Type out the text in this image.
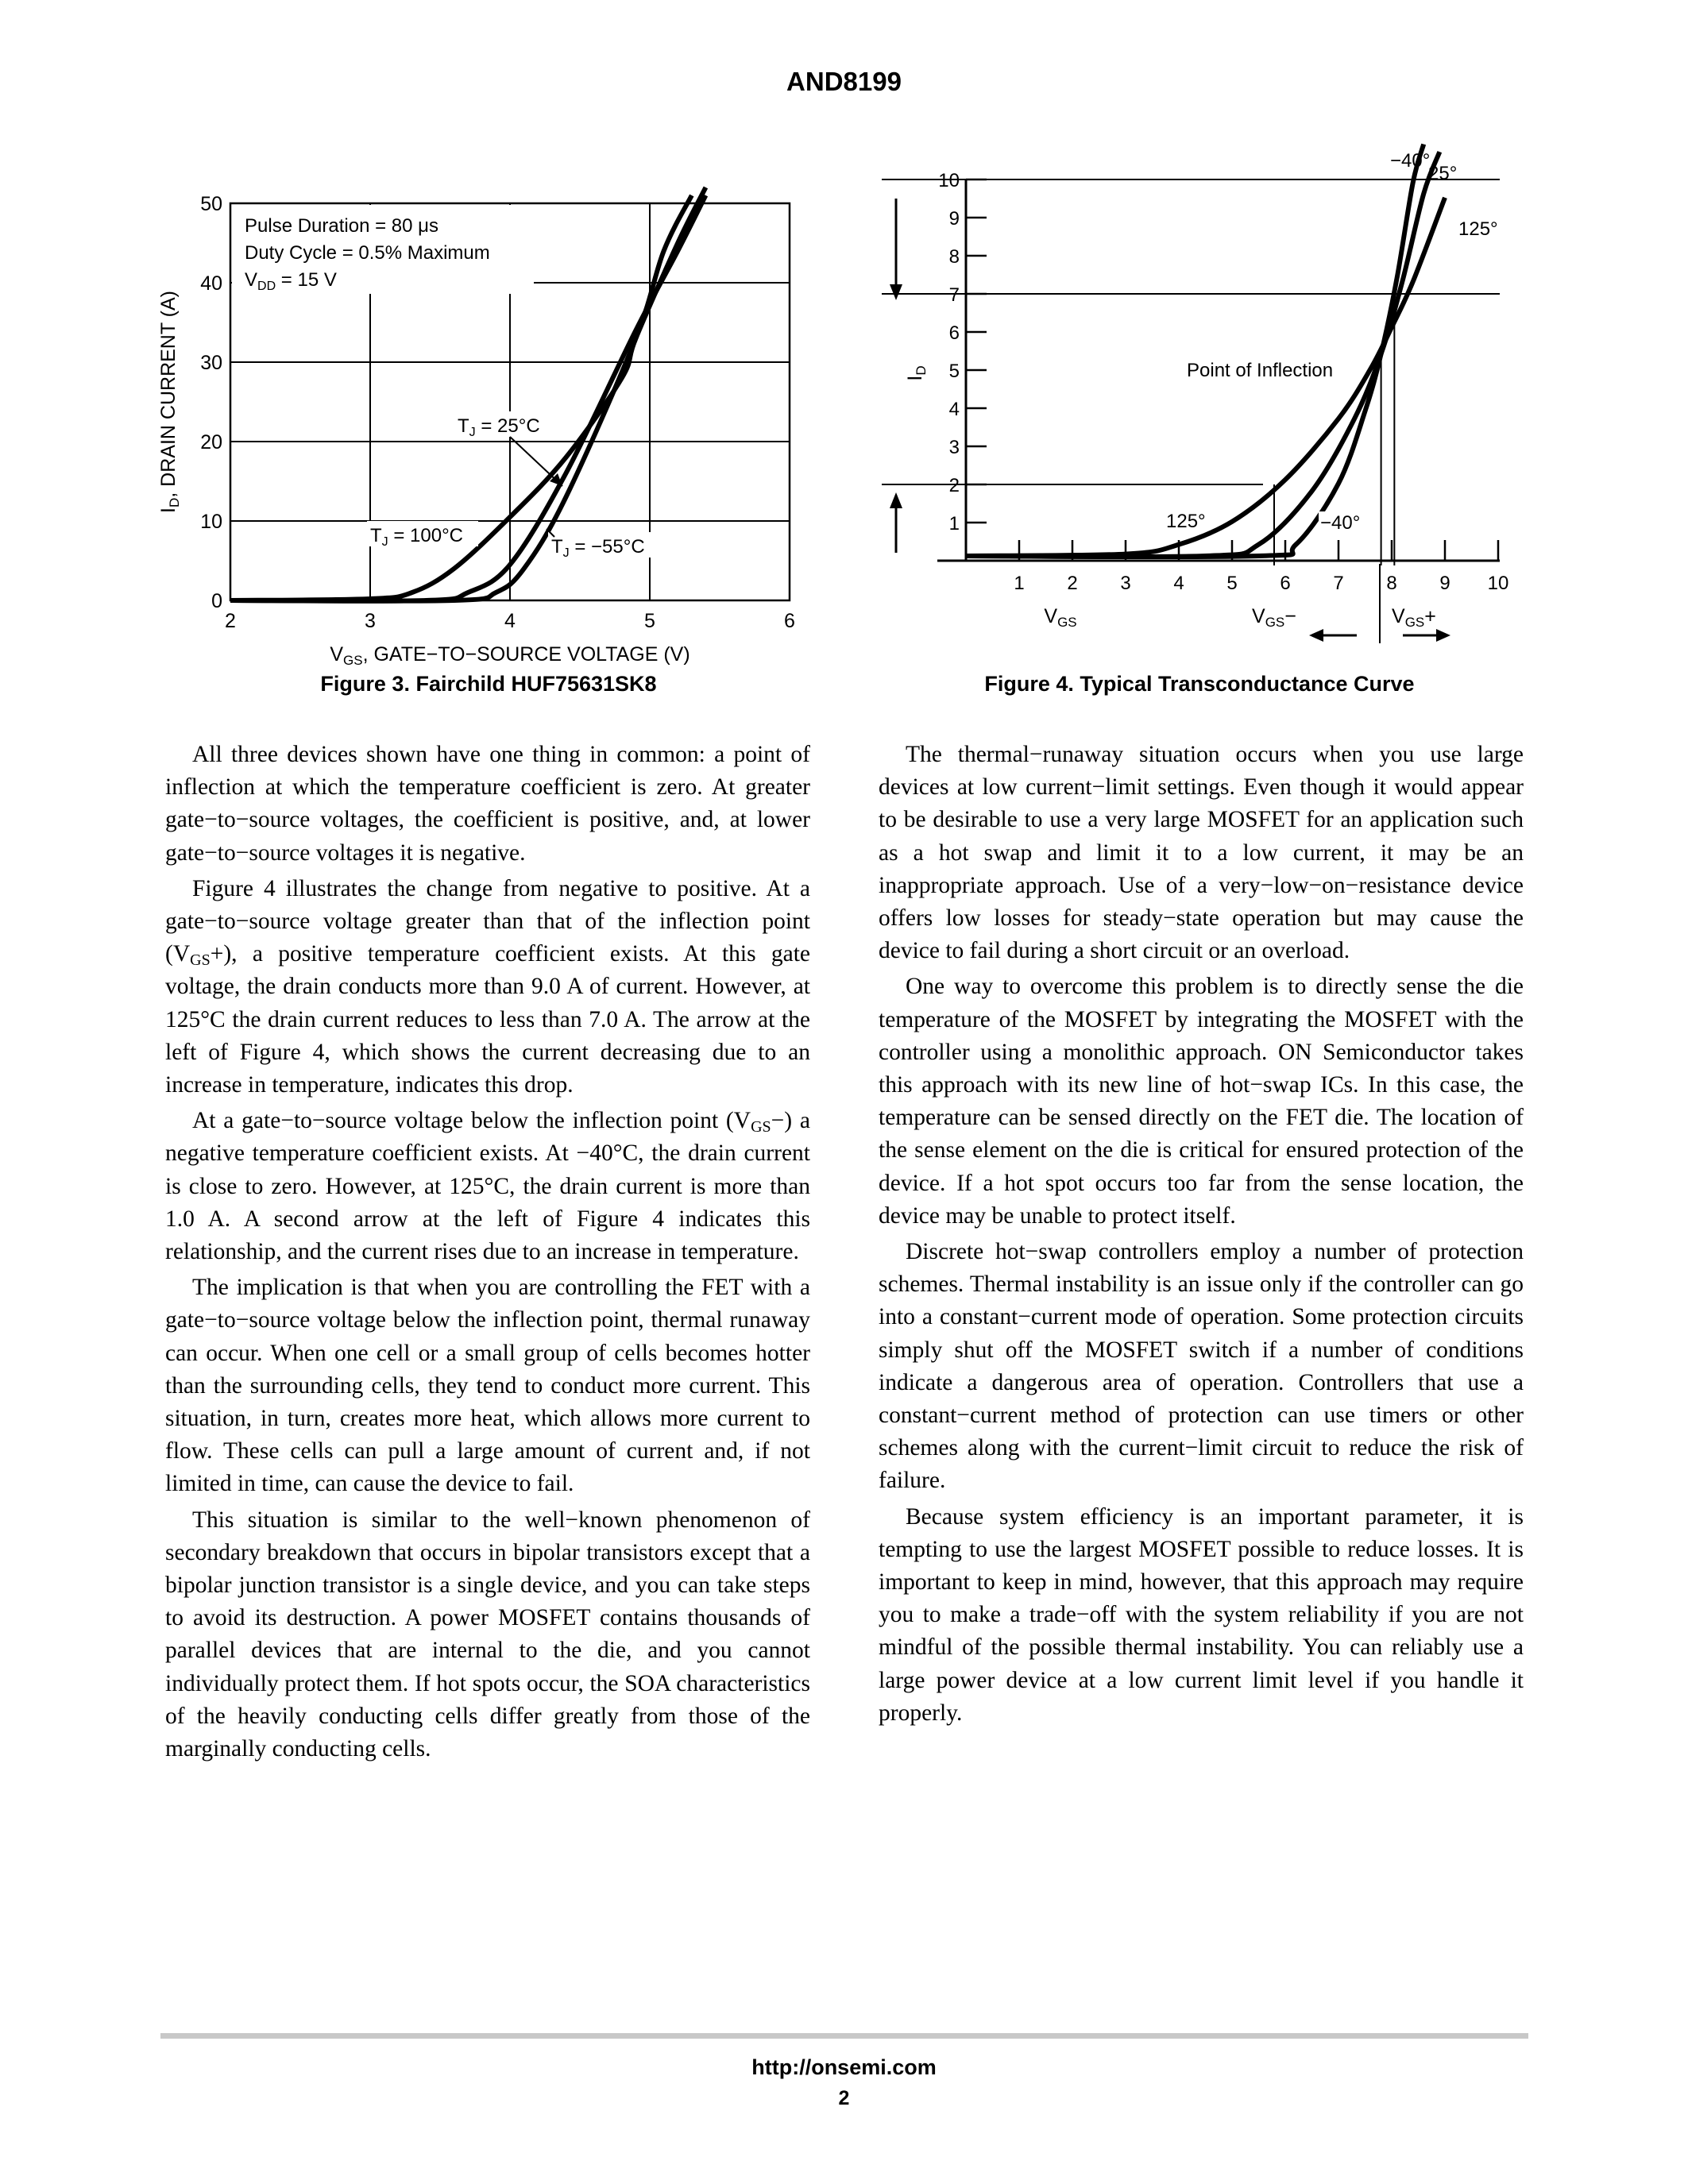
AND8199
Pulse Duration = 80 μs
Duty Cycle = 0.5% Maximum
$V_{DD} = 15$ V
0
10
20
30
40
50
2	3	4	5	6
$T_J = 25^\circ C$
$T_J = 100^\circ C$
$T_J = -55^\circ C$
$V_{GS}$, GATE−TO−SOURCE VOLTAGE (V)
$I_D$, DRAIN CURRENT (A)
Figure 3. Fairchild HUF75631SK8
1
2
3
4
5
6
7
8
9
10
1 2 3 4 5 6 7 8 9 10
$I_D$	Point of Inflection
−40°
25°
125°
125°	−40°
$V_{GS}$	$V_{GS}-$	$V_{GS}+$
Figure 4. Typical Transconductance Curve

All three devices shown have one thing in common: a point of inflection at which the temperature coefficient is zero. At greater gate−to−source voltages, the coefficient is positive, and, at lower gate−to−source voltages it is negative.

Figure 4 illustrates the change from negative to positive. At a gate−to−source voltage greater than that of the inflection point $(V_{GS}+)$, a positive temperature coefficient exists. At this gate voltage, the drain conducts more than 9.0 A of current. However, at 125°C the drain current reduces to less than 7.0 A. The arrow at the left of Figure 4, which shows the current decreasing due to an increase in temperature, indicates this drop.

At a gate−to−source voltage below the inflection point $(V_{GS}-)$ a negative temperature coefficient exists. At −40°C, the drain current is close to zero. However, at 125°C, the drain current is more than 1.0 A. A second arrow at the left of Figure 4 indicates this relationship, and the current rises due to an increase in temperature.

The implication is that when you are controlling the FET with a gate−to−source voltage below the inflection point, thermal runaway can occur. When one cell or a small group of cells becomes hotter than the surrounding cells, they tend to conduct more current. This situation, in turn, creates more heat, which allows more current to flow. These cells can pull a large amount of current and, if not limited in time, can cause the device to fail.

This situation is similar to the well−known phenomenon of secondary breakdown that occurs in bipolar transistors except that a bipolar junction transistor is a single device, and you can take steps to avoid its destruction. A power MOSFET contains thousands of parallel devices that are internal to the die, and you cannot individually protect them. If hot spots occur, the SOA characteristics of the heavily conducting cells differ greatly from those of the marginally conducting cells.

The thermal−runaway situation occurs when you use large devices at low current−limit settings. Even though it would appear to be desirable to use a very large MOSFET for an application such as a hot swap and limit it to a low current, it may be an inappropriate approach. Use of a very−low−on−resistance device offers low losses for steady−state operation but may cause the device to fail during a short circuit or an overload.

One way to overcome this problem is to directly sense the die temperature of the MOSFET by integrating the MOSFET with the controller using a monolithic approach. ON Semiconductor takes this approach with its new line of hot−swap ICs. In this case, the temperature can be sensed directly on the FET die. The location of the sense element on the die is critical for ensured protection of the device. If a hot spot occurs too far from the sense location, the device may be unable to protect itself.

Discrete hot−swap controllers employ a number of protection schemes. Thermal instability is an issue only if the controller can go into a constant−current mode of operation. Some protection circuits simply shut off the MOSFET switch if a number of conditions indicate a dangerous area of operation. Controllers that use a constant−current method of protection can use timers or other schemes along with the current−limit circuit to reduce the risk of failure.

Because system efficiency is an important parameter, it is tempting to use the largest MOSFET possible to reduce losses. It is important to keep in mind, however, that this approach may require you to make a trade−off with the system reliability if you are not mindful of the possible thermal instability. You can reliably use a large power device at a low current limit level if you handle it properly.

http://onsemi.com
2
